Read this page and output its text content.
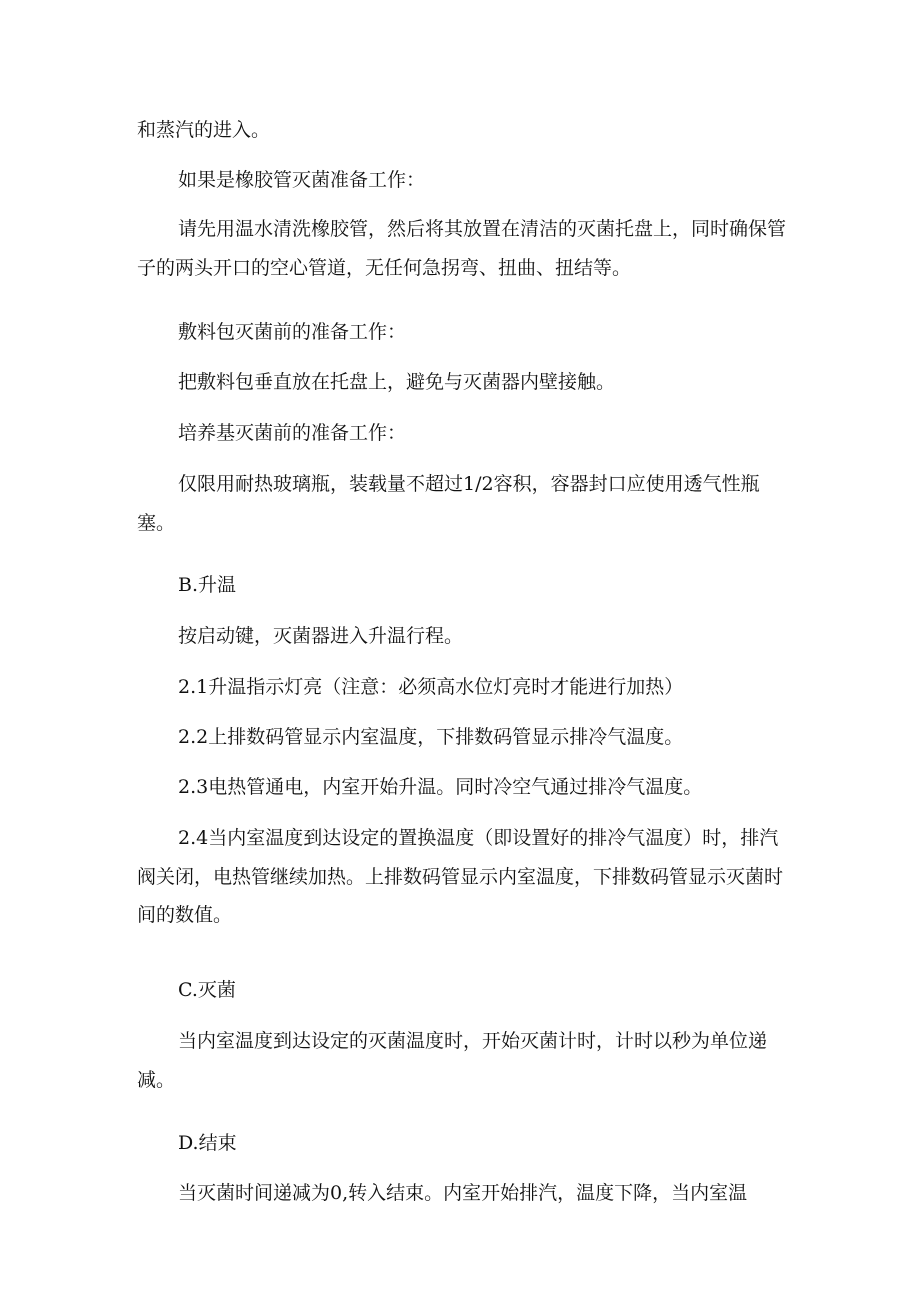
和蒸汽的进入。

如果是橡胶管灭菌准备工作：

请先用温水清洗橡胶管，然后将其放置在清洁的灭菌托盘上，同时确保管子的两头开口的空心管道，无任何急拐弯、扭曲、扭结等。

敷料包灭菌前的准备工作：

把敷料包垂直放在托盘上，避免与灭菌器内壁接触。

培养基灭菌前的准备工作：

仅限用耐热玻璃瓶，装载量不超过1/2容积，容器封口应使用透气性瓶塞。

B.升温

按启动键，灭菌器进入升温行程。

2.1升温指示灯亮（注意：必须高水位灯亮时才能进行加热）

2.2上排数码管显示内室温度，下排数码管显示排冷气温度。

2.3电热管通电，内室开始升温。同时冷空气通过排冷气温度。

2.4当内室温度到达设定的置换温度（即设置好的排冷气温度）时，排汽阀关闭，电热管继续加热。上排数码管显示内室温度，下排数码管显示灭菌时间的数值。

C.灭菌

当内室温度到达设定的灭菌温度时，开始灭菌计时，计时以秒为单位递减。

D.结束

当灭菌时间递减为0,转入结束。内室开始排汽，温度下降，当内室温
